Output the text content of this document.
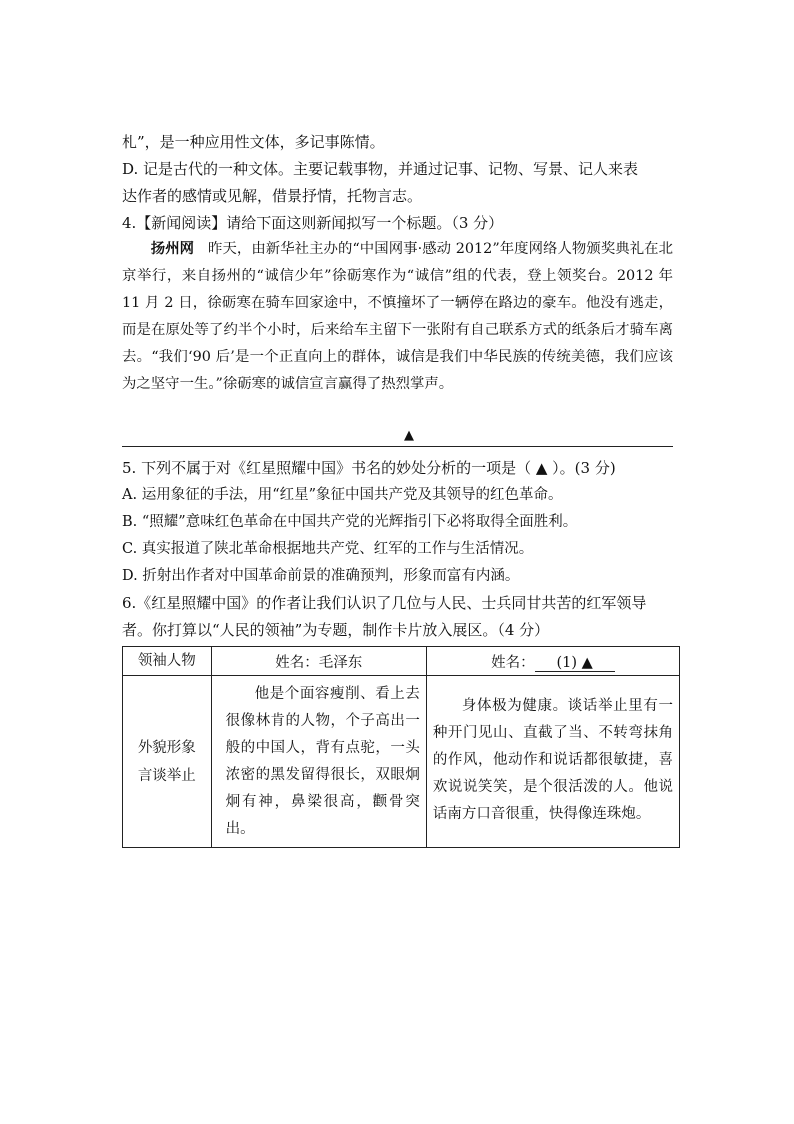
札”，是一种应用性文体，多记事陈情。
D. 记是古代的一种文体。主要记载事物，并通过记事、记物、写景、记人来表
达作者的感情或见解，借景抒情，托物言志。
4.【新闻阅读】请给下面这则新闻拟写一个标题。（3 分）
扬州网 昨天，由新华社主办的“中国网事·感动 2012”年度网络人物颁奖典礼在北京举行，来自扬州的“诚信少年”徐砺寒作为“诚信”组的代表，登上领奖台。2012 年 11 月 2 日，徐砺寒在骑车回家途中，不慎撞坏了一辆停在路边的豪车。他没有逃走，而是在原处等了约半个小时，后来给车主留下一张附有自己联系方式的纸条后才骑车离去。“我们‘90 后’是一个正直向上的群体，诚信是我们中华民族的传统美德，我们应该为之坚守一生。”徐砺寒的诚信宣言赢得了热烈掌声。
▲
5. 下列不属于对《红星照耀中国》书名的妙处分析的一项是（ ▲ ）。(3 分)
A. 运用象征的手法，用“红星”象征中国共产党及其领导的红色革命。
B. “照耀”意味红色革命在中国共产党的光辉指引下必将取得全面胜利。
C. 真实报道了陕北革命根据地共产党、红军的工作与生活情况。
D. 折射出作者对中国革命前景的准确预判，形象而富有内涵。
6.《红星照耀中国》的作者让我们认识了几位与人民、士兵同甘共苦的红军领导
者。你打算以“人民的领袖”为专题，制作卡片放入展区。（4 分）
领袖人物	姓名：毛泽东	姓名：(1) ▲

外貌形象
言谈举止	他是个面容瘦削、看上去很像林肯的人物，个子高出一般的中国人，背有点驼，一头浓密的黑发留得很长，双眼炯炯有神，鼻梁很高，颧骨突出。	身体极为健康。谈话举止里有一种开门见山、直截了当、不转弯抹角的作风，他动作和说话都很敏捷，喜欢说说笑笑，是个很活泼的人。他说话南方口音很重，快得像连珠炮。
